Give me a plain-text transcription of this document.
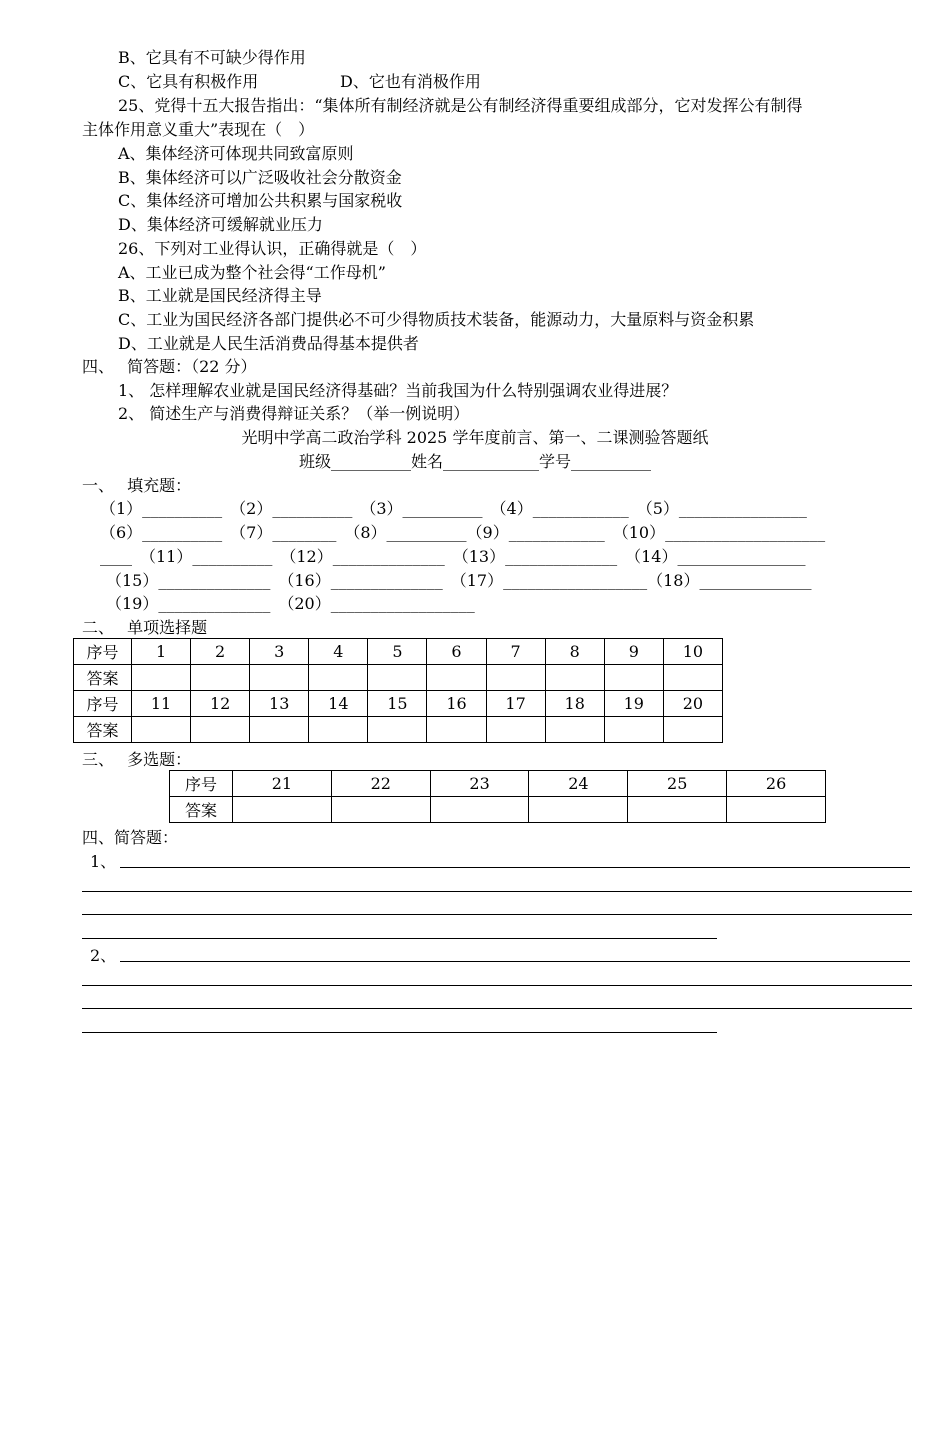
B、它具有不可缺少得作用
C、它具有积极作用	D、它也有消极作用
25、党得十五大报告指出：“集体所有制经济就是公有制经济得重要组成部分，它对发挥公有制得
主体作用意义重大”表现在（　）
A、集体经济可体现共同致富原则
B、集体经济可以广泛吸收社会分散资金
C、集体经济可增加公共积累与国家税收
D、集体经济可缓解就业压力
26、下列对工业得认识，正确得就是（　）
A、工业已成为整个社会得“工作母机”
B、工业就是国民经济得主导
C、工业为国民经济各部门提供必不可少得物质技术装备，能源动力，大量原料与资金积累
D、工业就是人民生活消费品得基本提供者
四、　 简答题：（22 分）
1、 怎样理解农业就是国民经济得基础？当前我国为什么特别强调农业得进展？
2、 简述生产与消费得辩证关系？（举一例说明）
光明中学高二政治学科 2025 学年度前言、第一、二课测验答题纸
班级__________姓名____________学号__________
一、　 填充题：
（1）__________　（2）__________　（3）__________　（4）____________　（5）________________
（6）__________　（7）________　（8）__________（9）____________　（10）____________________
____　（11）__________　（12）______________　（13）______________　（14）________________
（15）______________　（16）______________　（17）__________________（18）______________
（19）______________　（20）__________________
二、　 单项选择题
序号	1	2	3	4	5	6	7	8	9	10
答案										
序号	11	12	13	14	15	16	17	18	19	20
答案										
三、　 多选题：
序号	21	22	23	24	25	26
答案						
四、简答题：
1、
2、
